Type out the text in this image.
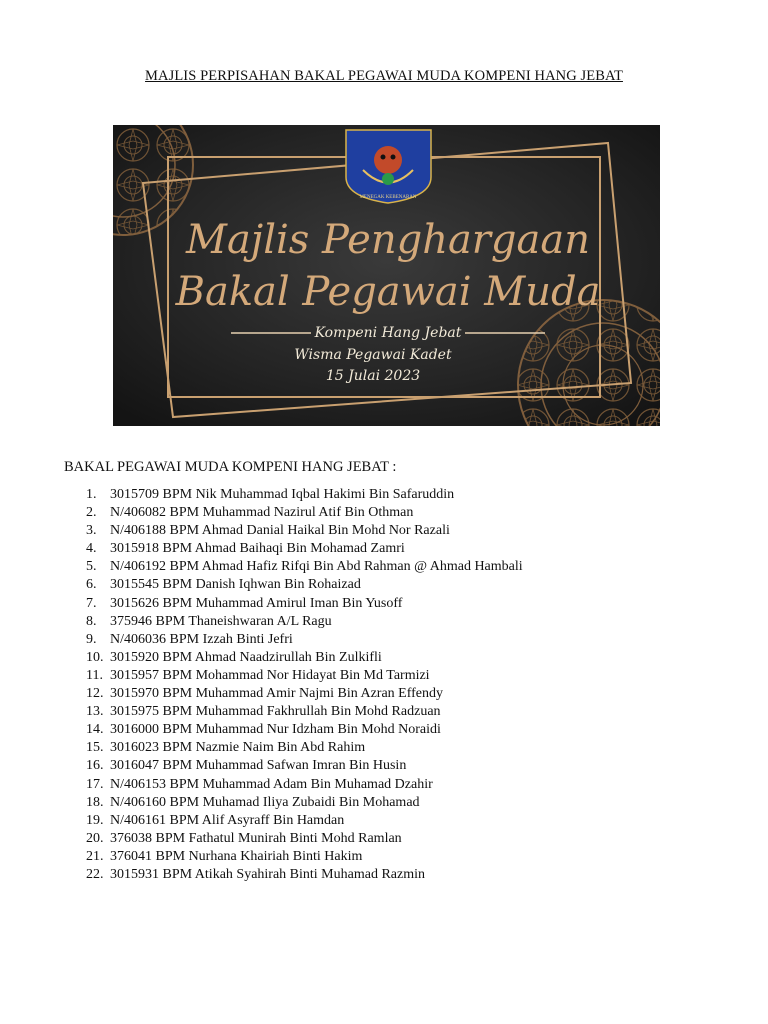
MAJLIS PERPISAHAN BAKAL PEGAWAI MUDA KOMPENI HANG JEBAT
MENEGAK KEBENARAN
Majlis Penghargaan
Bakal Pegawai Muda
Kompeni Hang Jebat
Wisma Pegawai Kadet
15 Julai 2023
BAKAL PEGAWAI MUDA KOMPENI HANG JEBAT :
1. 3015709 BPM Nik Muhammad Iqbal Hakimi Bin Safaruddin
2. N/406082 BPM Muhammad Nazirul Atif Bin Othman
3. N/406188 BPM Ahmad Danial Haikal Bin Mohd Nor Razali
4. 3015918 BPM Ahmad Baihaqi Bin Mohamad Zamri
5. N/406192 BPM Ahmad Hafiz Rifqi Bin Abd Rahman @ Ahmad Hambali
6. 3015545 BPM Danish Iqhwan Bin Rohaizad
7. 3015626 BPM Muhammad Amirul Iman Bin Yusoff
8. 375946 BPM Thaneishwaran A/L Ragu
9. N/406036 BPM Izzah Binti Jefri
10. 3015920 BPM Ahmad Naadzirullah Bin Zulkifli
11. 3015957 BPM Mohammad Nor Hidayat Bin Md Tarmizi
12. 3015970 BPM Muhammad Amir Najmi Bin Azran Effendy
13. 3015975 BPM Muhammad Fakhrullah Bin Mohd Radzuan
14. 3016000 BPM Muhammad Nur Idzham Bin Mohd Noraidi
15. 3016023 BPM Nazmie Naim Bin Abd Rahim
16. 3016047 BPM Muhammad Safwan Imran Bin Husin
17. N/406153 BPM Muhammad Adam Bin Muhamad Dzahir
18. N/406160 BPM Muhamad Iliya Zubaidi Bin Mohamad
19. N/406161 BPM Alif Asyraff Bin Hamdan
20. 376038 BPM Fathatul Munirah Binti Mohd Ramlan
21. 376041 BPM Nurhana Khairiah Binti Hakim
22. 3015931 BPM Atikah Syahirah Binti Muhamad Razmin
